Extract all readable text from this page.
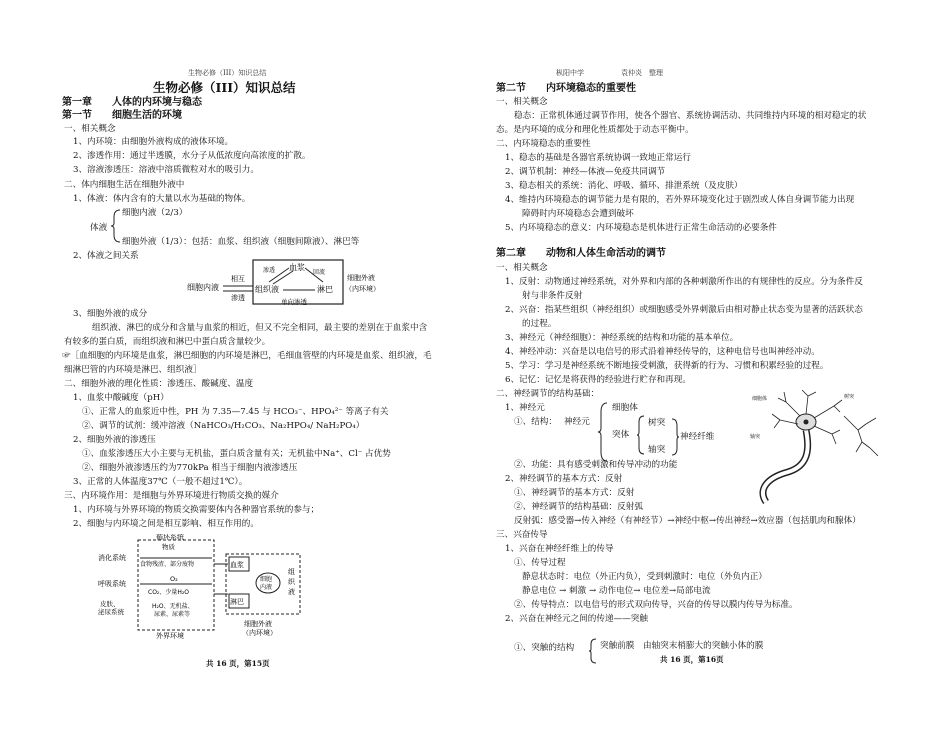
生物必修（III）知识总结
生物必修（III）知识总结
第一章　　人体的内环境与稳态
第一节　　细胞生活的环境
一、相关概念
1、内环境：由细胞外液构成的液体环境。
2、渗透作用：通过半透膜，水分子从低浓度向高浓度的扩散。
3、溶液渗透压：溶液中溶质微粒对水的吸引力。
二、体内细胞生活在细胞外液中
1、体液：体内含有的大量以水为基础的物体。
细胞内液（2/3）
体液
细胞外液（1/3）：包括：血浆、组织液（细胞间隙液）、淋巴等
2、体液之间关系
细胞内液
相互
渗透
血浆
组织液	淋巴
渗透	回流
单向渗透
细胞外液
（内环境）
3、细胞外液的成分
组织液、淋巴的成分和含量与血浆的相近，但又不完全相同，最主要的差别在于血浆中含
有较多的蛋白质，而组织液和淋巴中蛋白质含量较少。
☞［血细胞的内环境是血浆，淋巴细胞的内环境是淋巴，毛细血管壁的内环境是血浆、组织液，毛
细淋巴管的内环境是淋巴、组织液］
二、细胞外液的理化性质：渗透压、酸碱度、温度
1、血浆中酸碱度（pH）
①、正常人的血浆近中性，PH 为 7.35—7.45 与 HCO₃⁻、HPO₄²⁻ 等离子有关
②、调节的试剂：缓冲溶液（NaHCO₃/H₂CO₃、Na₂HPO₄/ NaH₂PO₄）
2、细胞外液的渗透压
①、血浆渗透压大小主要与无机盐，蛋白质含量有关；无机盐中Na⁺、Cl⁻ 占优势
②、细胞外液渗透压约为770kPa 相当于细胞内液渗透压
3、正常的人体温度37℃（一般不超过1℃）。
三、内环境作用：是细胞与外界环境进行物质交换的媒介
1、内环境与外界环境的物质交换需要体内各种器官系统的参与；
2、细胞与内环境之间是相互影响、相互作用的。
循环系统
物质
消化系统
食物残渣、部分废物
呼吸系统
O₂
CO₂、少量H₂O
皮肤、
泌尿系统
H₂O、无机盐、
尿素、尿素等
外界环境
血浆
淋巴
细胞
内液
组
织
液
细胞外液
（内环境）
共 16 页，第15页
枞阳中学	袁仲炎　整理
第二节　　内环境稳态的重要性
一、相关概念
稳态：正常机体通过调节作用，使各个器官、系统协调活动、共同维持内环境的相对稳定的状
态。是内环境的成分和理化性质都处于动态平衡中。
二、内环境稳态的重要性
1、稳态的基础是各器官系统协调一致地正常运行
2、调节机制：神经—体液—免疫共同调节
3、稳态相关的系统：消化、呼吸、循环、排泄系统（及皮肤）
4、维持内环境稳态的调节能力是有限的，若外界环境变化过于剧烈或人体自身调节能力出现
障碍时内环境稳态会遭到破坏
5、内环境稳态的意义：内环境稳态是机体进行正常生命活动的必要条件
第二章　　动物和人体生命活动的调节
一、相关概念
1、反射：动物通过神经系统，对外界和内部的各种刺激所作出的有规律性的反应。分为条件反
射与非条件反射
2、兴奋：指某些组织（神经组织）或细胞感受外界刺激后由相对静止状态变为显著的活跃状态
的过程。
3、神经元（神经细胞）：神经系统的结构和功能的基本单位。
4、神经冲动：兴奋是以电信号的形式沿着神经传导的，这种电信号也叫神经冲动。
5、学习：学习是神经系统不断地接受刺激，获得新的行为、习惯和积累经验的过程。
6、记忆：记忆是将获得的经验进行贮存和再现。
二、神经调节的结构基础：
1、神经元
①、结构： 神经元
细胞体
突体
树突
轴突
神经纤维
细胞体
轴突
树突
②、功能：具有感受刺激和传导冲动的功能
2、神经调节的基本方式：反射
①、神经调节的基本方式：反射
②、神经调节的结构基础：反射弧
反射弧：感受器→传入神经（有神经节）→神经中枢→传出神经→效应器（包括肌肉和腺体）
三、兴奋传导
1、兴奋在神经纤维上的传导
①、传导过程
静息状态时：电位（外正内负），受到刺激时：电位（外负内正）
静息电位 → 刺激 → 动作电位→ 电位差→局部电流
②、传导特点：以电信号的形式双向传导，兴奋的传导以膜内传导为标准。
2、兴奋在神经元之间的传递——突触
①、突触的结构	突触前膜　由轴突末梢膨大的突触小体的膜
共 16 页，第16页
